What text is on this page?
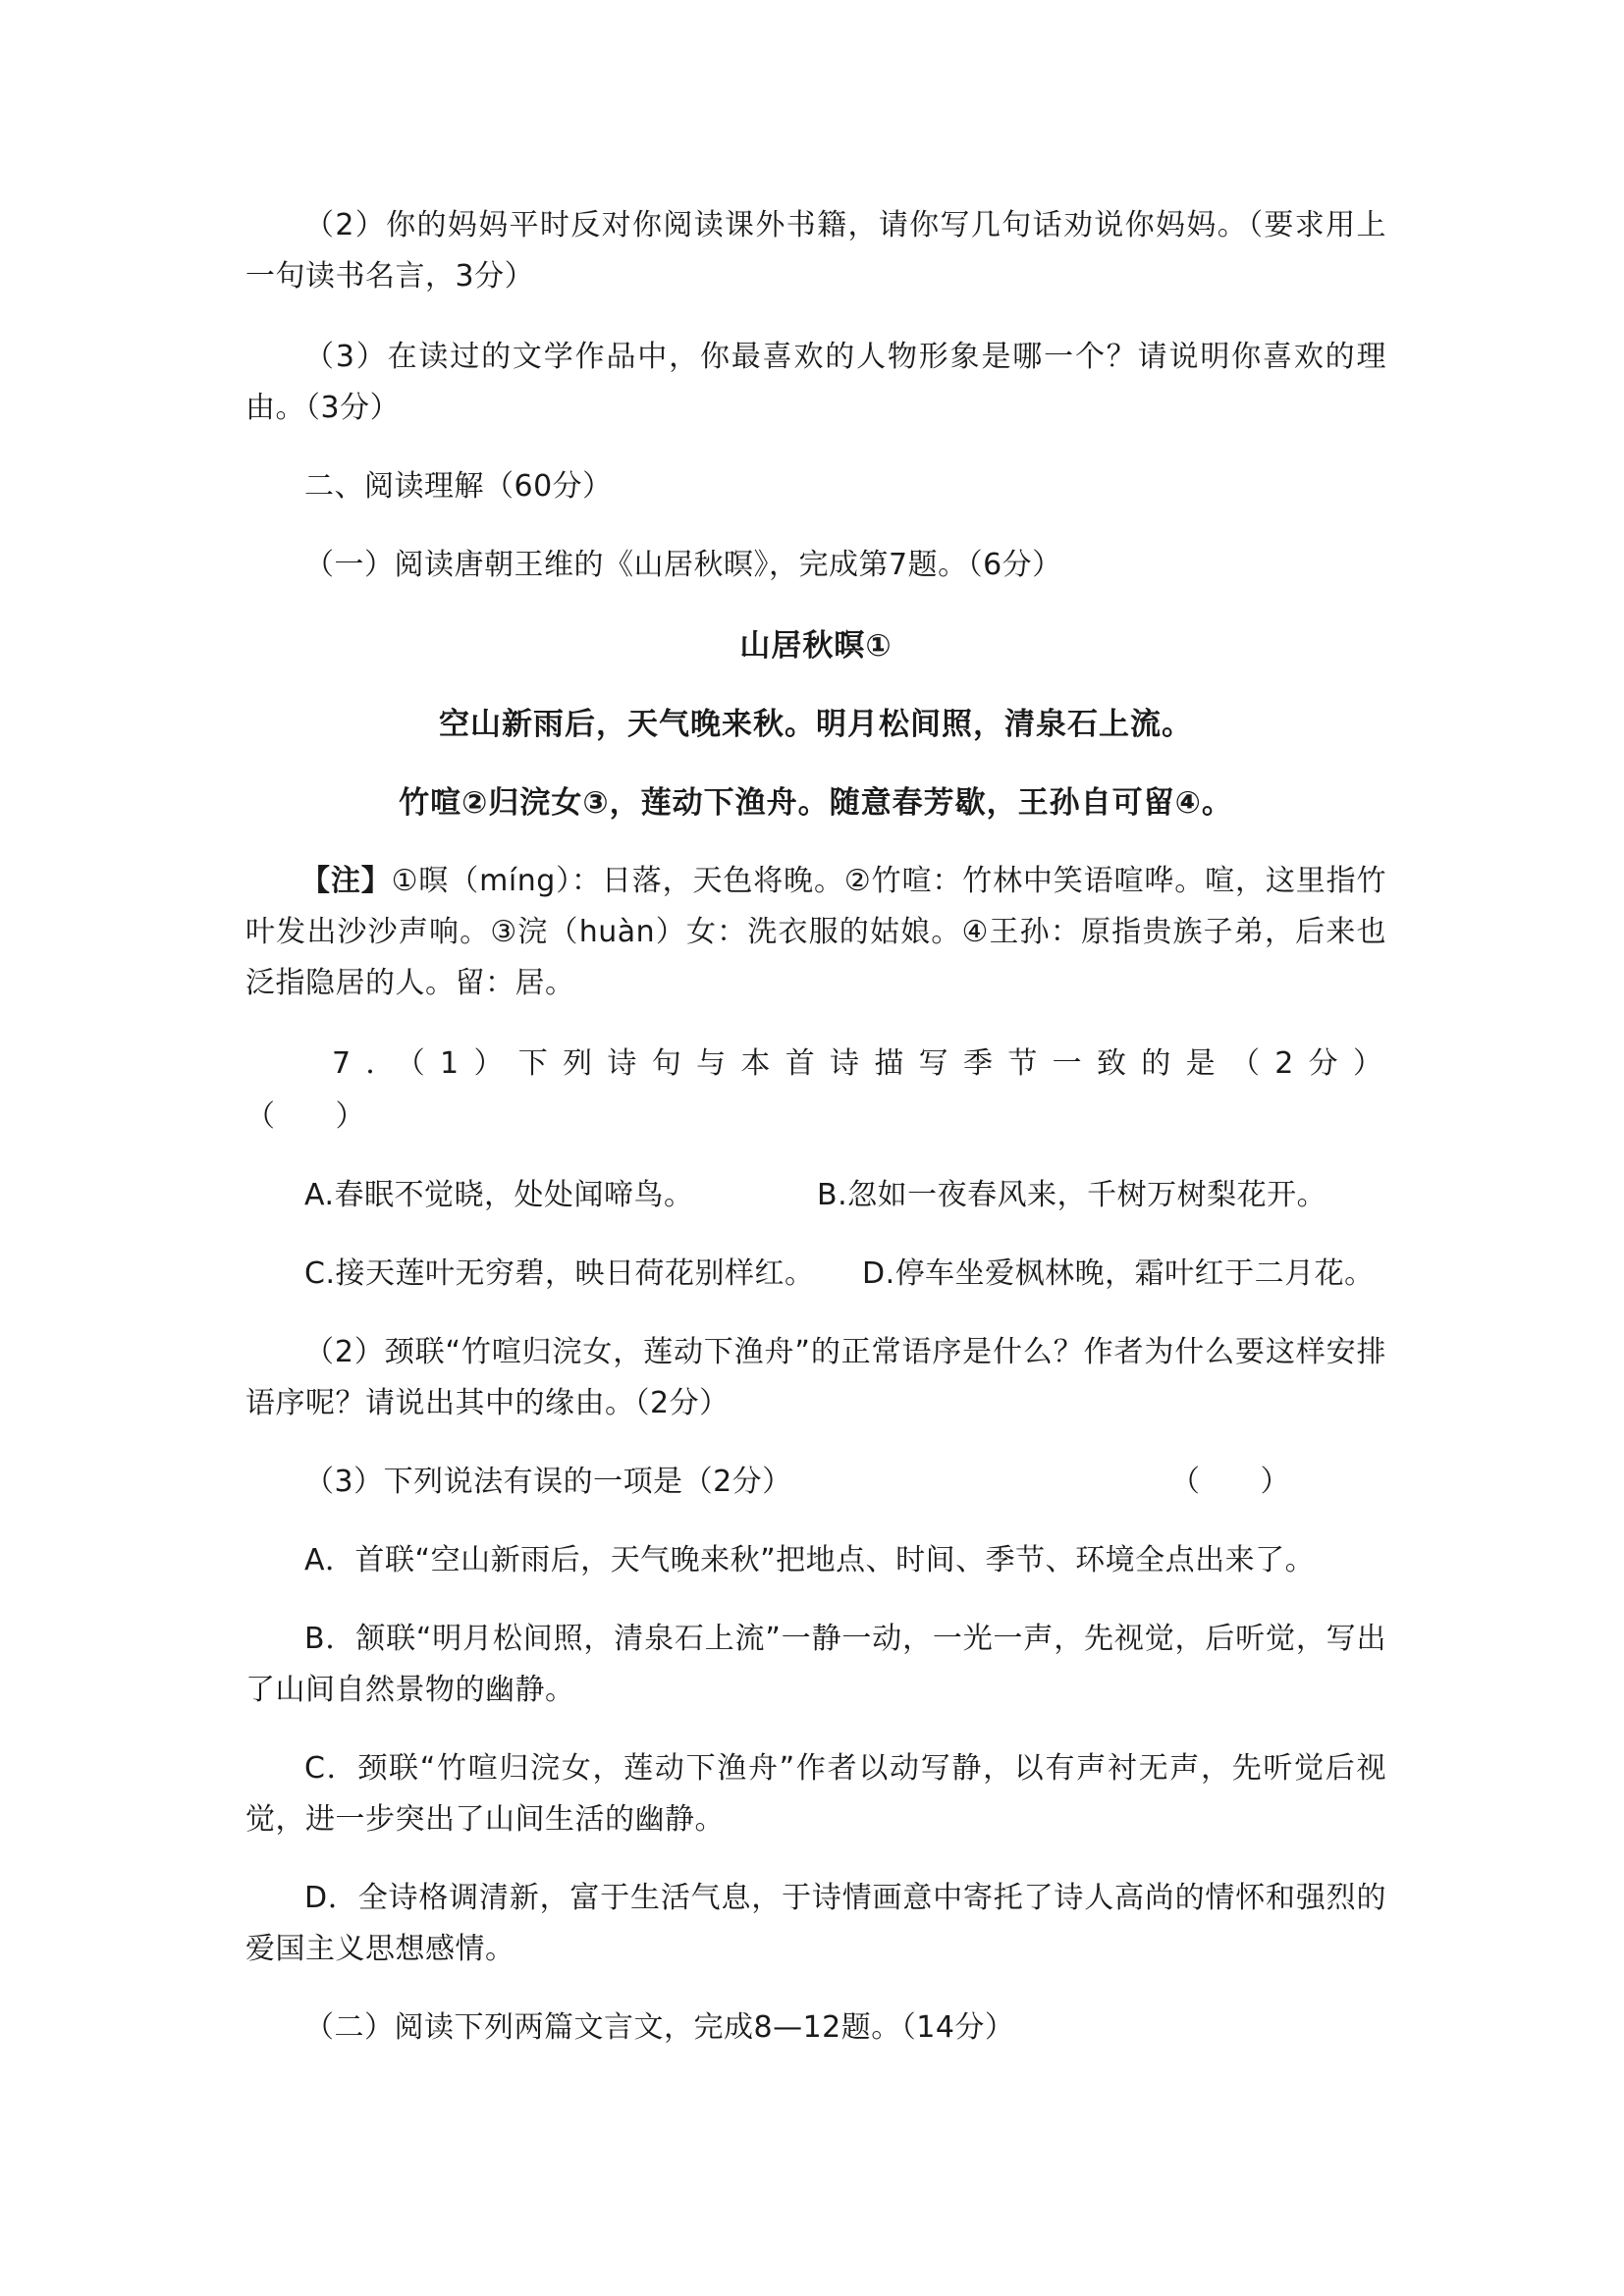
（2）你的妈妈平时反对你阅读课外书籍，请你写几句话劝说你妈妈。（要求用上一句读书名言，3分）

（3）在读过的文学作品中，你最喜欢的人物形象是哪一个？请说明你喜欢的理由。（3分）

二、阅读理解（60分）

（一）阅读唐朝王维的《山居秋暝》，完成第7题。（6分）

山居秋暝①

空山新雨后，天气晚来秋。明月松间照，清泉石上流。

竹喧②归浣女③，莲动下渔舟。随意春芳歇，王孙自可留④。

【注】①暝（míng）：日落，天色将晚。②竹喧：竹林中笑语喧哗。喧，这里指竹叶发出沙沙声响。③浣（huàn）女：洗衣服的姑娘。④王孙：原指贵族子弟，后来也泛指隐居的人。留：居。

7．（1）下列诗句与本首诗描写季节一致的是（2分）

（　　）

A.春眠不觉晓，处处闻啼鸟。	B.忽如一夜春风来，千树万树梨花开。

C.接天莲叶无穷碧，映日荷花别样红。 D.停车坐爱枫林晚，霜叶红于二月花。

（2）颈联“竹喧归浣女，莲动下渔舟”的正常语序是什么？作者为什么要这样安排语序呢？请说出其中的缘由。（2分）

（3）下列说法有误的一项是（2分）	（　　）

A．首联“空山新雨后，天气晚来秋”把地点、时间、季节、环境全点出来了。

B．颔联“明月松间照，清泉石上流”一静一动，一光一声，先视觉，后听觉，写出了山间自然景物的幽静。

C．颈联“竹喧归浣女，莲动下渔舟”作者以动写静，以有声衬无声，先听觉后视觉，进一步突出了山间生活的幽静。

D．全诗格调清新，富于生活气息，于诗情画意中寄托了诗人高尚的情怀和强烈的爱国主义思想感情。

（二）阅读下列两篇文言文，完成8—12题。（14分）
